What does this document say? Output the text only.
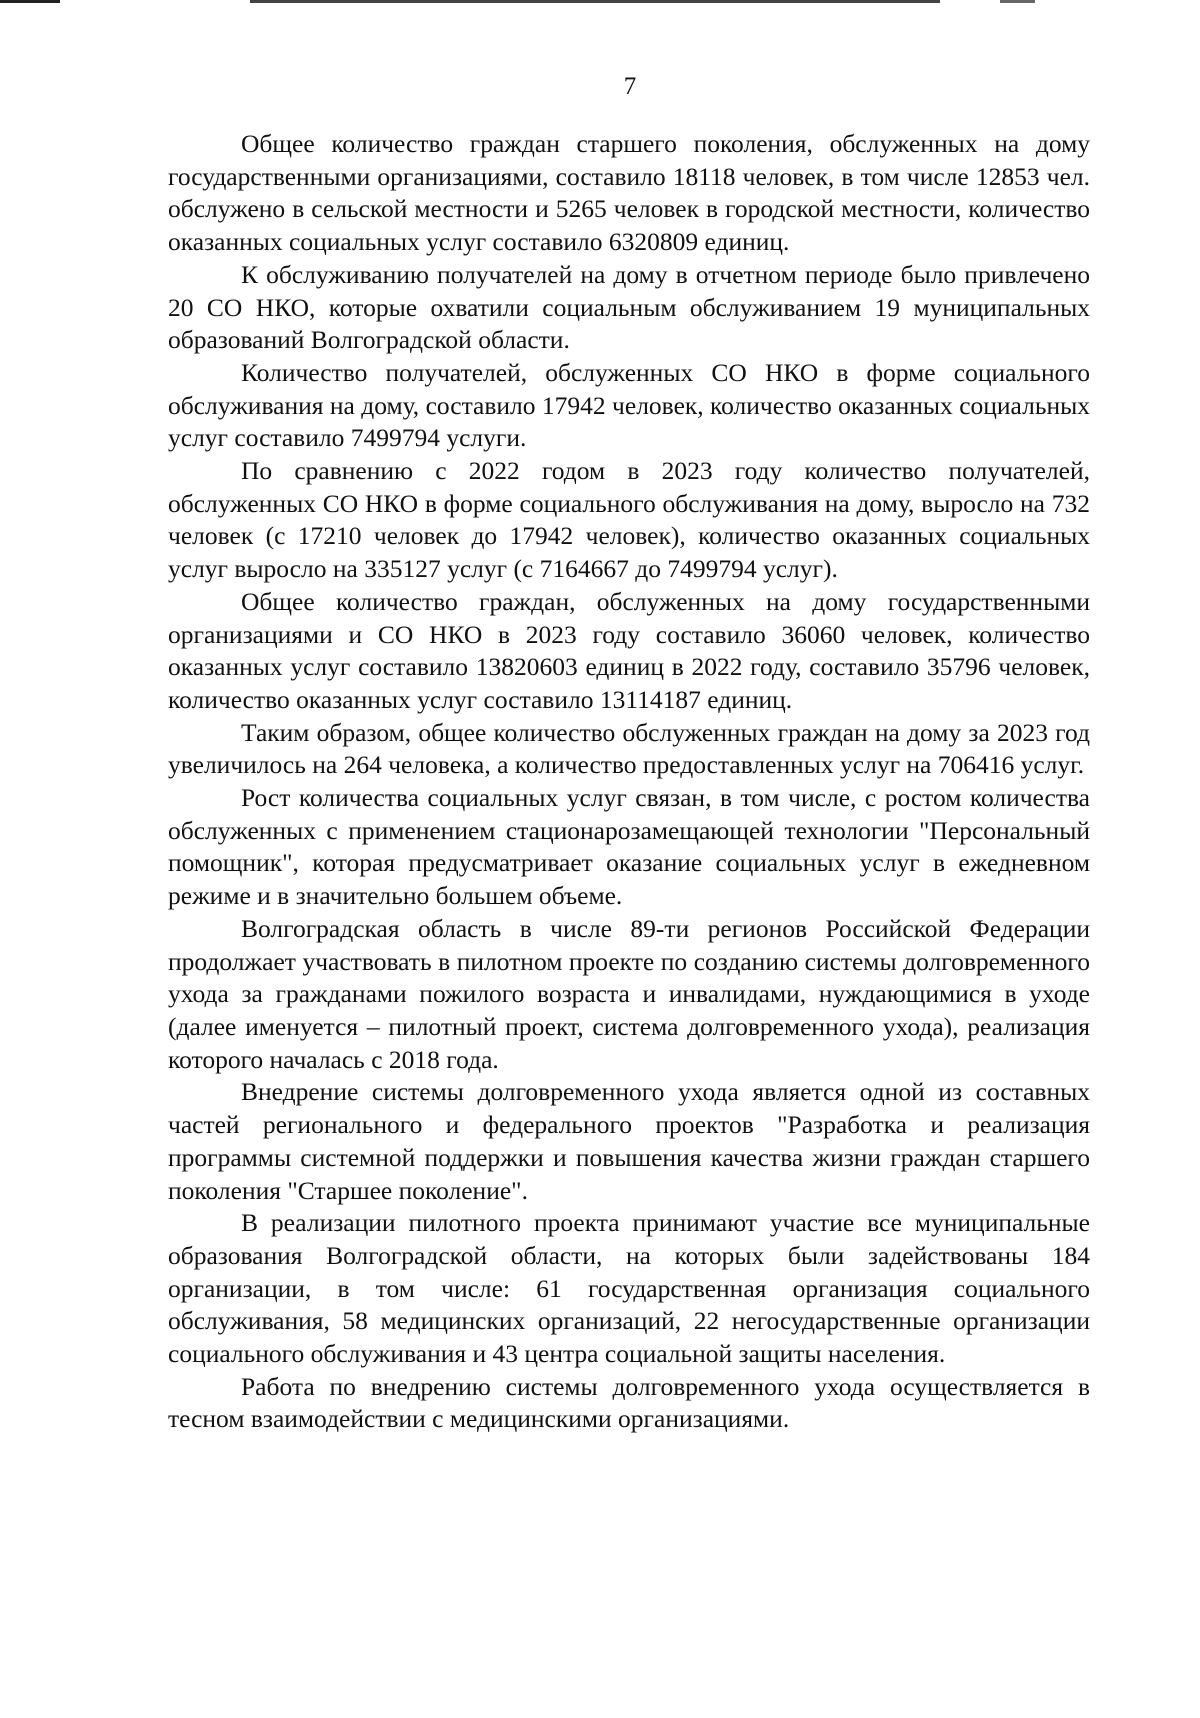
7

Общее количество граждан старшего поколения, обслуженных на дому государственными организациями, составило 18118 человек, в том числе 12853 чел. обслужено в сельской местности и 5265 человек в городской местности, количество оказанных социальных услуг составило 6320809 единиц.

К обслуживанию получателей на дому в отчетном периоде было привлечено 20 СО НКО, которые охватили социальным обслуживанием 19 муниципальных образований Волгоградской области.

Количество получателей, обслуженных СО НКО в форме социального обслуживания на дому, составило 17942 человек, количество оказанных социальных услуг составило 7499794 услуги.

По сравнению с 2022 годом в 2023 году количество получателей, обслуженных СО НКО в форме социального обслуживания на дому, выросло на 732 человек (с 17210 человек до 17942 человек), количество оказанных социальных услуг выросло на 335127 услуг (с 7164667 до 7499794 услуг).

Общее количество граждан, обслуженных на дому государственными организациями и СО НКО в 2023 году составило 36060 человек, количество оказанных услуг составило 13820603 единиц в 2022 году, составило 35796 человек, количество оказанных услуг составило 13114187 единиц.

Таким образом, общее количество обслуженных граждан на дому за 2023 год увеличилось на 264 человека, а количество предоставленных услуг на 706416 услуг.

Рост количества социальных услуг связан, в том числе, с ростом количества обслуженных с применением стационарозамещающей технологии "Персональный помощник", которая предусматривает оказание социальных услуг в ежедневном режиме и в значительно большем объеме.

Волгоградская область в числе 89-ти регионов Российской Федерации продолжает участвовать в пилотном проекте по созданию системы долговременного ухода за гражданами пожилого возраста и инвалидами, нуждающимися в уходе (далее именуется – пилотный проект, система долговременного ухода), реализация которого началась с 2018 года.

Внедрение системы долговременного ухода является одной из составных частей регионального и федерального проектов "Разработка и реализация программы системной поддержки и повышения качества жизни граждан старшего поколения "Старшее поколение".

В реализации пилотного проекта принимают участие все муниципальные образования Волгоградской области, на которых были задействованы 184 организации, в том числе: 61 государственная организация социального обслуживания, 58 медицинских организаций, 22 негосударственные организации социального обслуживания и 43 центра социальной защиты населения.

Работа по внедрению системы долговременного ухода осуществляется в тесном взаимодействии с медицинскими организациями.
